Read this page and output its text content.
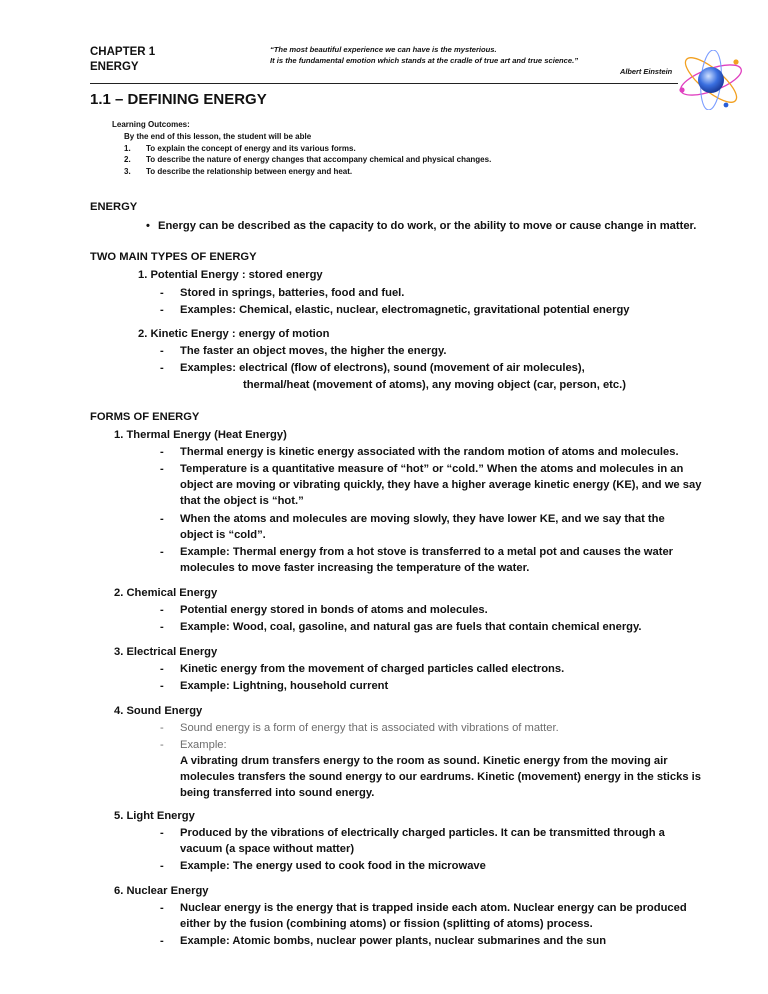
CHAPTER 1
ENERGY
“The most beautiful experience we can have is the mysterious.
It is the fundamental emotion which stands at the cradle of true art and true science.”
Albert Einstein
1.1 – DEFINING ENERGY
Learning Outcomes:
By the end of this lesson, the student will be able
1.	To explain the concept of energy and its various forms.
2.	To describe the nature of energy changes that accompany chemical and physical changes.
3.	To describe the relationship between energy and heat.
ENERGY
• Energy can be described as the capacity to do work, or the ability to move or cause change in matter.
TWO MAIN TYPES OF ENERGY
1. Potential Energy : stored energy
- Stored in springs, batteries, food and fuel.
- Examples: Chemical, elastic, nuclear, electromagnetic, gravitational potential energy
2. Kinetic Energy : energy of motion
- The faster an object moves, the higher the energy.
- Examples: electrical (flow of electrons), sound (movement of air molecules),
thermal/heat (movement of atoms), any moving object (car, person, etc.)
FORMS OF ENERGY
1. Thermal Energy (Heat Energy)
- Thermal energy is kinetic energy associated with the random motion of atoms and molecules.
- Temperature is a quantitative measure of “hot” or “cold.” When the atoms and molecules in an
object are moving or vibrating quickly, they have a higher average kinetic energy (KE), and we say
that the object is “hot.”
- When the atoms and molecules are moving slowly, they have lower KE, and we say that the
object is “cold”.
- Example: Thermal energy from a hot stove is transferred to a metal pot and causes the water
molecules to move faster increasing the temperature of the water.
2. Chemical Energy
- Potential energy stored in bonds of atoms and molecules.
- Example: Wood, coal, gasoline, and natural gas are fuels that contain chemical energy.
3. Electrical Energy
- Kinetic energy from the movement of charged particles called electrons.
- Example: Lightning, household current
4. Sound Energy
- Sound energy is a form of energy that is associated with vibrations of matter.
- Example:
A vibrating drum transfers energy to the room as sound. Kinetic energy from the moving air
molecules transfers the sound energy to our eardrums. Kinetic (movement) energy in the sticks is
being transferred into sound energy.
5. Light Energy
- Produced by the vibrations of electrically charged particles. It can be transmitted through a
vacuum (a space without matter)
- Example: The energy used to cook food in the microwave
6. Nuclear Energy
- Nuclear energy is the energy that is trapped inside each atom. Nuclear energy can be produced
either by the fusion (combining atoms) or fission (splitting of atoms) process.
- Example: Atomic bombs, nuclear power plants, nuclear submarines and the sun
